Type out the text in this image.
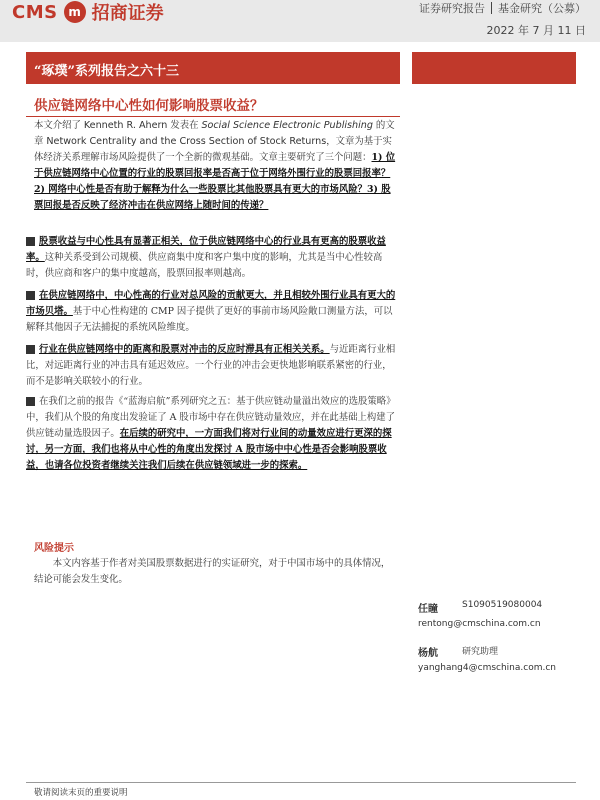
CMS m 招商证券	证券研究报告 基金研究（公募）
2022 年 7 月 11 日
“琢璞”系列报告之六十三
供应链网络中心性如何影响股票收益？
本文介绍了 Kenneth R. Ahern 发表在 Social Science Electronic Publishing 的文章 Network Centrality and the Cross Section of Stock Returns，文章为基于实体经济关系理解市场风险提供了一个全新的微观基础。文章主要研究了三个问题：1) 位于供应链网络中心位置的行业的股票回报率是否高于位于网络外围行业的股票回报率？2) 网络中心性是否有助于解释为什么一些股票比其他股票具有更大的市场风险？3) 股票回报是否反映了经济冲击在供应网络上随时间的传递？
股票收益与中心性具有显著正相关，位于供应链网络中心的行业具有更高的股票收益率。这种关系受到公司规模、供应商集中度和客户集中度的影响，尤其是当中心性较高时，供应商和客户的集中度越高，股票回报率则越高。
在供应链网络中，中心性高的行业对总风险的贡献更大，并且相较外围行业具有更大的市场贝塔。基于中心性构建的 CMP 因子提供了更好的事前市场风险敞口测量方法，可以解释其他因子无法捕捉的系统风险维度。
行业在供应链网络中的距离和股票对冲击的反应时滞具有正相关关系。与近距离行业相比，对远距离行业的冲击具有延迟效应。一个行业的冲击会更快地影响联系紧密的行业，而不是影响关联较小的行业。
在我们之前的报告《“蓝海启航”系列研究之五：基于供应链动量溢出效应的选股策略》中，我们从个股的角度出发验证了 A 股市场中存在供应链动量效应，并在此基础上构建了供应链动量选股因子。在后续的研究中，一方面我们将对行业间的动量效应进行更深的探讨，另一方面，我们也将从中心性的角度出发探讨 A 股市场中中心性是否会影响股票收益，也请各位投资者继续关注我们后续在供应链领域进一步的探索。
风险提示
本文内容基于作者对美国股票数据进行的实证研究，对于中国市场中的具体情况，结论可能会发生变化。
任瞳	S1090519080004
rentong@cmschina.com.cn
杨航	研究助理
yanghang4@cmschina.com.cn
敬请阅读末页的重要说明
